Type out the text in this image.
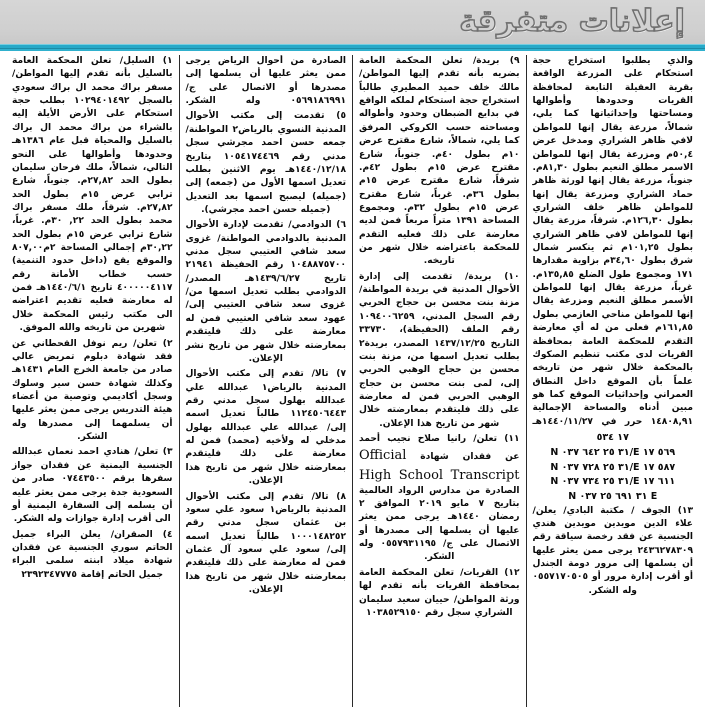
إعلانات متفرقة
والذي يطلبوا استخراج حجة استحكام على المزرعة الواقعة بقرية العقيلة التابعة لمحافظة القريات وحدودها وأطوالها ومساحتها وإحداثياتها كما يلي، شمالاً، مزرعة يقال إنها للمواطن لافي ظاهر الشراري ومدخل عرض ٥٠,٤م ومزرعة يقال إنها للمواطن الاسمر مطلق النعيم بطول ٨١,٣٠م. جنوباً، مزرعة يقال إنها لورثة ظاهر حماد الشراري ومزرعة يقال إنها للمواطن ظاهر خلف الشراري بطول ١٢٦,٣٠م. شرقاً، مزرعة يقال إنها للمواطن لافي ظاهر الشراري بطول ١٠١,٢٥م ثم ينكسر شمال شرق بطول ٣٤,٦٠م بزاوية مقدارها ١٧١ ومجموع طول الضلع ١٣٥,٨٥م. غرباً، مزرعة يقال إنها للمواطن الأسمر مطلق النعيم ومزرعة يقال إنها للمواطن مناحي العازمي بطول ١٦١,٨٥م فعلى من له أي معارضة التقدم للمحكمة العامة بمحافظة القريات لدى مكتب تنظيم الصكوك بالمحكمة خلال شهر من تاريخه علماً بأن الموقع داخل النطاق العمراني وإحداثيات الموقع كما هو مبين أدناه والمساحة الإجمالية ١٤٨٠٨,٩١ حرر في ١٤٤٠/١١/٢٧هـ
١٧ ٥٣٤
N ٣١ ٢٥ ٦٤٢ ٠٣٧/E ٥٦٩ ١٧
N ٣١ ٢٥ ٧٢٨ ٠٣٧/E ٥٨٧ ١٧
N ٣١ ٢٥ ٧٣٤ ٠٣٧/E ٦١١ ١٧
N ٣١ ٦٩١ ٢٥ ٠٣٧ E
١٣) الجوف / مكتبة البادي/ يعلن/ علاء الدين مويدين مويدين هندي الجنسية عن فقد رخصة سياقة رقم ٢٤٣٦٢٧٨٣٠٩ يرجى ممن يعثر عليها أن يسلمها إلى مرور دومة الجندل أو أقرب إدارة مرور أو ٠٥٥٧١٧٠٥٠٥ وله الشكر.
٩) بريدة/ تعلن المحكمة العامة بضريه بأنه تقدم إليها المواطن/ مالك خلف حميد المطيري طالباً استخراج حجة استحكام لملكه الواقع في بدايع الضبطان وحدود وأطواله ومساحته حسب الكروكي المرفق كما يلي، شمالاً، شارع مقترح عرض ١٠م بطول ٤٠م. جنوباً، شارع مقترح عرض ١٥م بطول ٤٢م. شرقاً، شارع مقترح عرض ١٥م بطول ٣٦م. غرباً، شارع مقترح عرض ١٥م بطول ٣٢م. ومجموع المساحة ١٣٩١ متراً مربعاً فمن لديه معارضة على ذلك فعليه التقدم للمحكمة باعتراضه خلال شهر من تاريخه.
١٠) بريدة/ تقدمت إلى إدارة الأحوال المدنية في بريدة المواطنة/ مزنة بنت محسن بن حجاج الحربي رقم السجل المدني، ١٠٩٤٠٠٦٢٥٩ رقم الملف (الحفيظة)، ٣٣٧٣٠ التاريخ ١٤٣٧/١٢/٢٥ المصدر، بريدة٢ بطلب تعديل اسمها من، مزنة بنت محسن بن حجاج الوهبي الحربي إلى، لمى بنت محسن بن حجاج الوهبي الحربي فمن له معارضة على ذلك فليتقدم بمعارضته خلال شهر من تاريخ هذا الإعلان.
١١) تعلن/ رانيا صلاح نجيب أحمد عن فقدان شهادة Official High School Transcript الصادرة من مدارس الرواد العالمية بتاريخ ٧ مايو ٢٠١٩ الموافق ٢ رمضان ١٤٤٠هـ يرجى ممن يعثر عليها أن يسلمها إلى مصدرها أو الاتصال على ج/ ٠٥٥٧٩٣١١٩٥ وله الشكر.
١٢) القريات/ تعلن المحكمة العامة بمحافظة القريات بأنه تقدم لها ورثة المواطن/ حييان سعيد سليمان الشراري سجل رقم ١٠٣٨٥٢٩١٥٠
الصادرة من أحوال الرياض يرجى ممن يعثر عليها أن يسلمها إلى مصدرها أو الاتصال على ج/ ٠٥٦٩١٨٦٩٩١ وله الشكر.
٥) تقدمت إلى مكتب الأحوال المدنية النسوي بالرياض٢ المواطنة/ جمعه حسن احمد مجرشي سجل مدني رقم ١٠٥٤١٧٤٤٦٩ بتاريخ ١٤٤٠/١٢/١٨هـ يوم الاثنين بطلب تعديل اسمها الأول من (جمعه) إلى (جميله) ليصبح اسمها بعد التعديل (جميله حسن احمد مجرشي).
٦) الدوادمي/ تقدمت لإدارة الأحوال المدنية بالدوادمي المواطنة/ غزوى سعد شافي العتيبي سجل مدني ١٠٤٨٨٧٥٧٠٠ رقم الحفيظة ٢١٩٤١ تاريخ ١٤٣٩/٦/٢٧هـ المصدر/ الدوادمي بطلب تعديل اسمها من/ غزوى سعد شافي العتيبي إلى/ عهود سعد شافي العتيبي فمن له معارضة على ذلك فليتقدم بمعارضته خلال شهر من تاريخ نشر الإعلان.
٧) تالا/ تقدم إلى مكتب الأحوال المدنية بالرياض١ عبدالله علي عبدالله بهلول سجل مدني رقم ١١٢٤٥٠٦٤٤٣ طالباً تعديل اسمه إلى/ عبدالله علي عبدالله بهلول مدخلي له ولأخيه (محمد) فمن له معارضة على ذلك فليتقدم بمعارضته خلال شهر من تاريخ هذا الإعلان.
٨) تالا/ تقدم إلى مكتب الأحوال المدنية بالرياض١ سعود علي سعود بن عثمان سجل مدني رقم ١٠٠٠١٤٨٢٥٢ طالباً تعديل اسمه إلى/ سعود علي سعود آل عثمان فمن له معارضة على ذلك فليتقدم بمعارضته خلال شهر من تاريخ هذا الإعلان.
١) السليل/ تعلن المحكمة العامة بالسليل بأنه تقدم إليها المواطن/ مسفر براك محمد ال براك سعودي بالسجل ١٠٢٩٤٠١٤٩٢ بطلب حجة استحكام على الأرض الأيلة إليه بالشراء من براك محمد ال براك بالسليل والمحياة قبل عام ١٣٨٦هـ وحدودها وأطوالها على النحو التالي، شمالاً، ملك فرحان سليمان بطول الحد ٢٧,٨٢م. جنوباً، شارع ترابي عرض ١٥م بطول الحد ٢٧,٨٢م. شرقاً، ملك مسفر براك محمد بطول الحد ٢٢, ٣٠م. غرباً، شارع ترابي عرض ١٥م بطول الحد ٣٠,٢٢م إجمالي المساحة ٢م٨٠٧,٠٠ والموقع يقع (داخل حدود التنمية) حسب خطاب الأمانة رقم ٤٠٠٠٠٠٤١١٧ تاريخ ١٤٤٠/٦/١هـ فمن له معارضة فعليه تقديم اعتراضه الى مكتب رئيس المحكمة خلال شهرين من تاريخه والله الموفق.
٢) تعلن/ ريم نوفل القحطاني عن فقد شهادة دبلوم تمريض عالي صادر من جامعة الخرج العام ١٤٣١هـ وكذلك شهادة حسن سير وسلوك وسجل أكاديمي وتوصية من أعضاء هيئة التدريس يرجى ممن يعثر عليها أن يسلمهما إلى مصدرها وله الشكر.
٣) تعلن/ هنادي احمد نعمان عبدالله الجنسية اليمنية عن فقدان جواز سفرها برقم ٠٧٤٤٣٥٠٠ صادر من السعودية جدة يرجى ممن يعثر عليه أن يسلمه إلى السفارة اليمنية أو الى أقرب إدارة جوازات وله الشكر.
٤) الصقران/ يعلن البراء جميل الحاتم سوري الجنسية عن فقدان شهادة ميلاد ابنته سلمى البراء جميل الحاتم إقامة ٢٣٩٢٣٤٧٧٧٥
